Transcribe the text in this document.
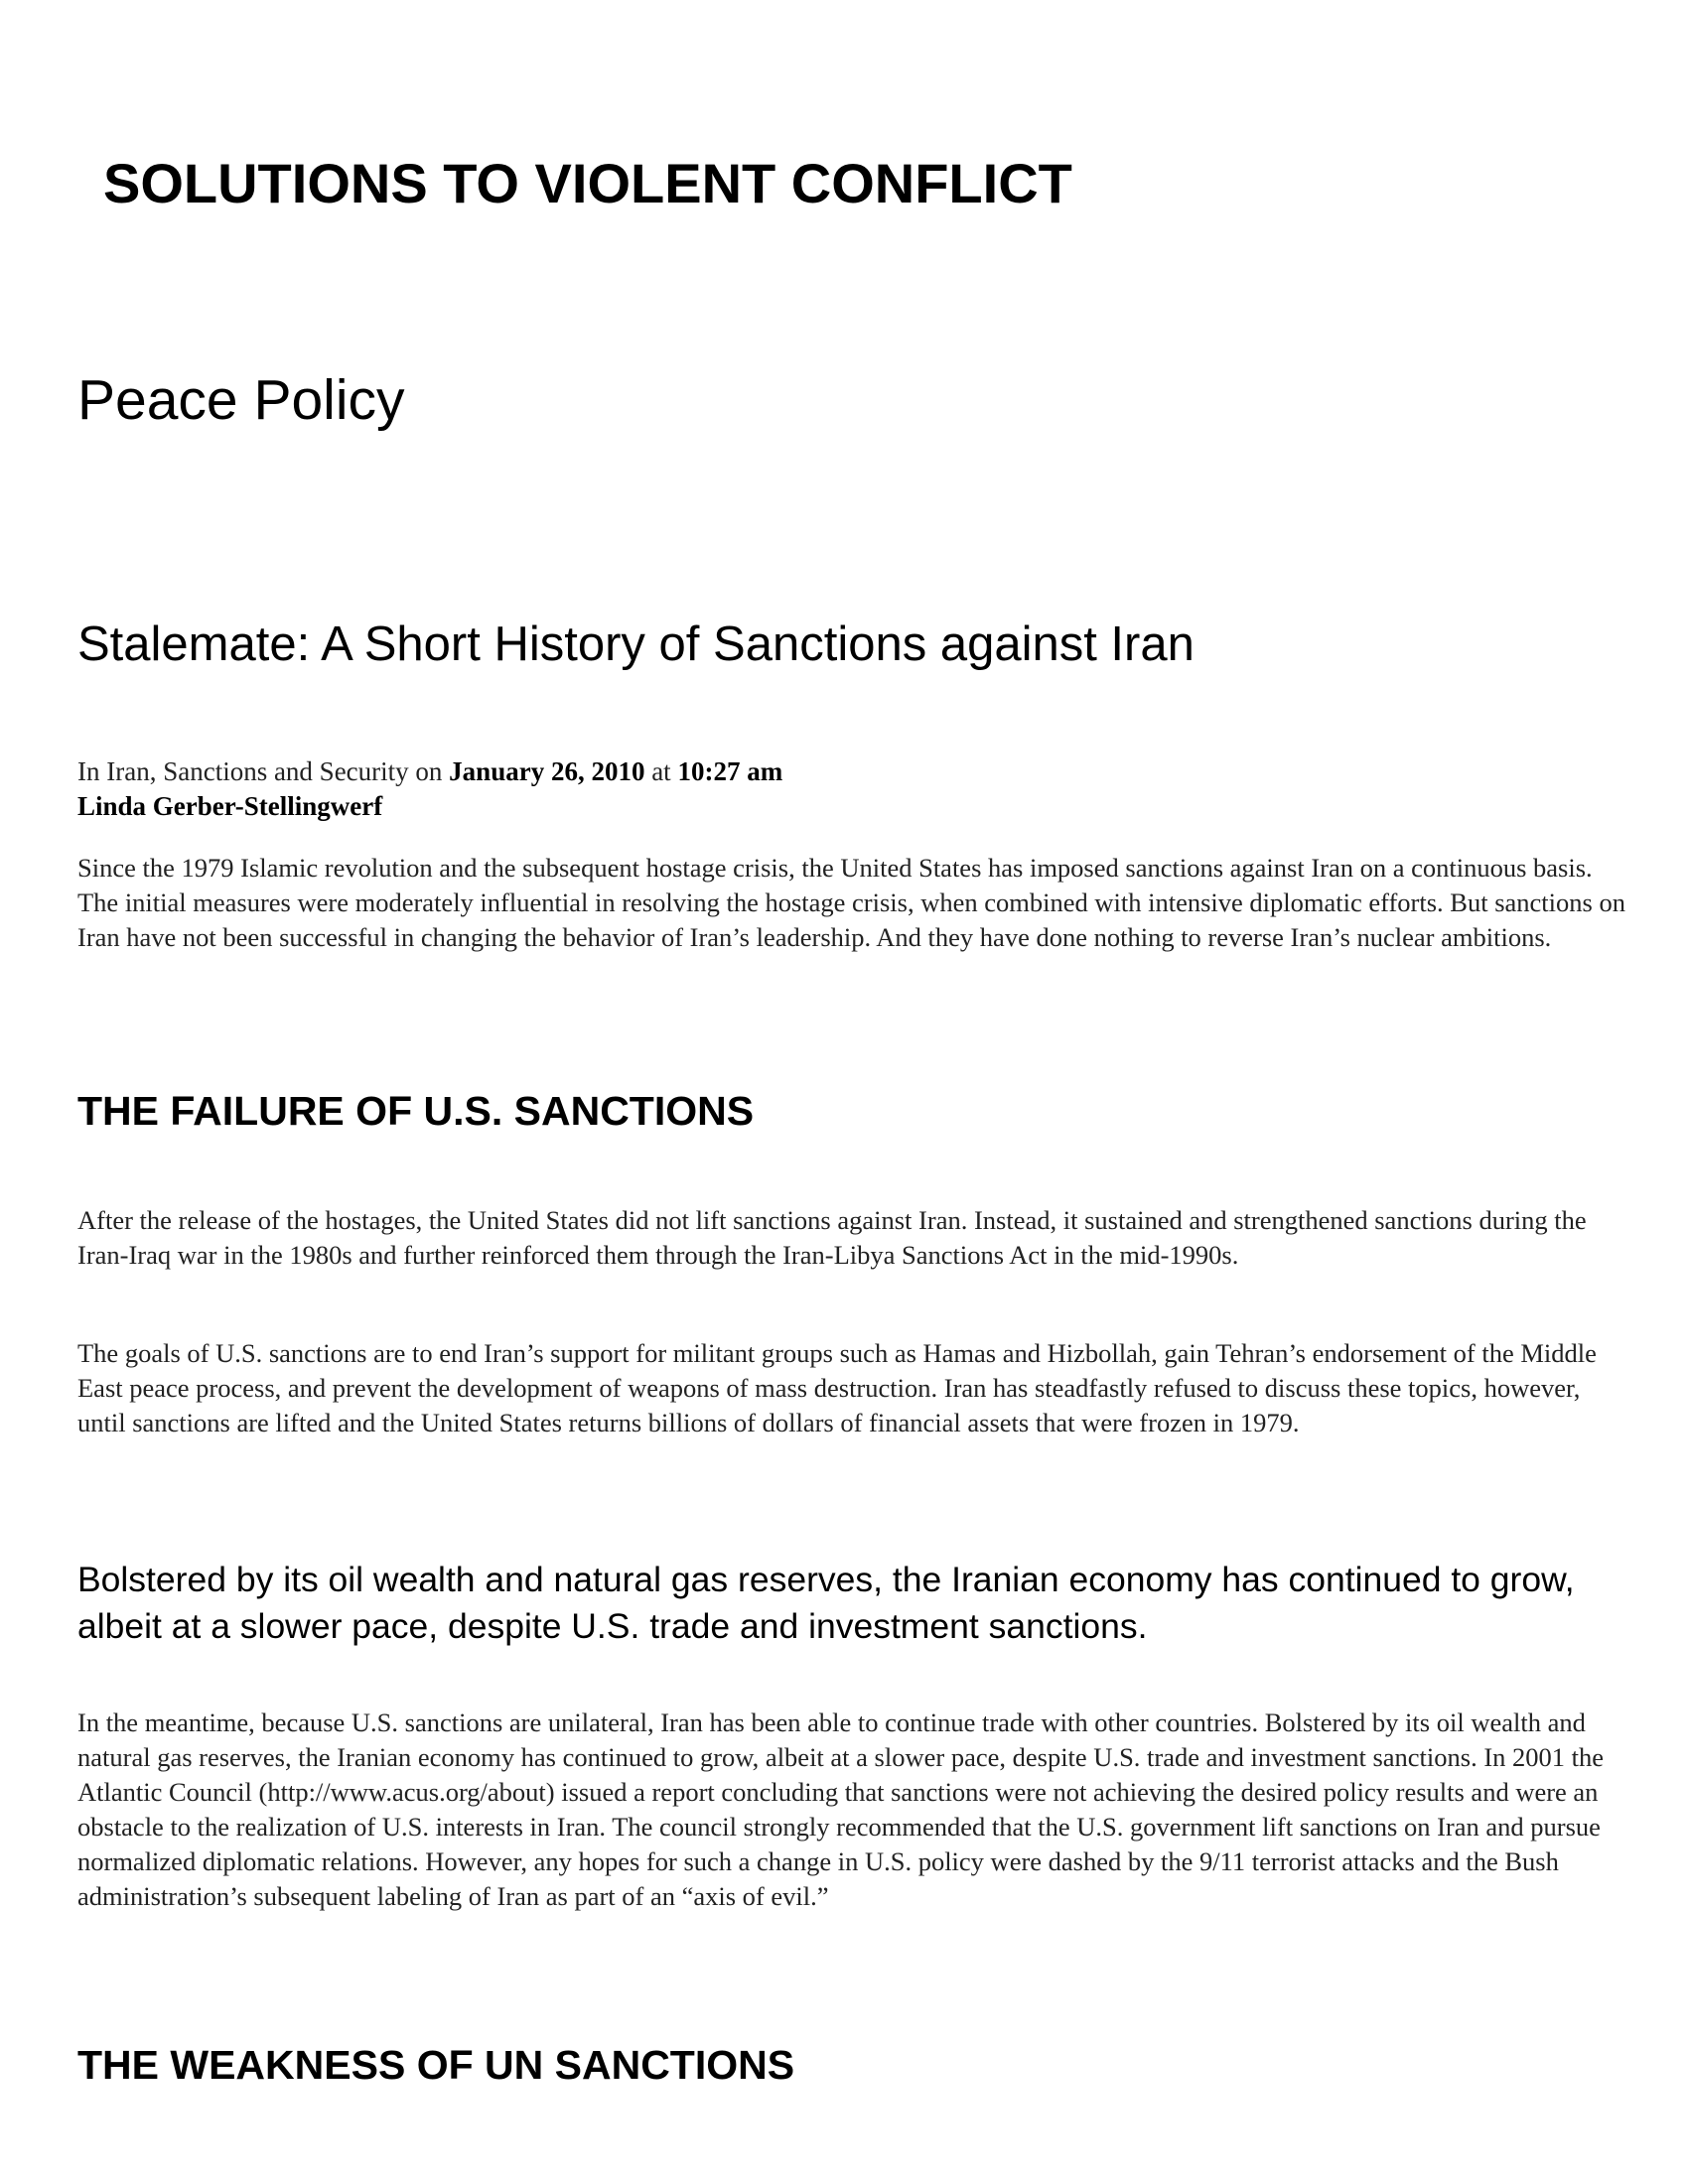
SOLUTIONS TO VIOLENT CONFLICT
Peace Policy
Stalemate: A Short History of Sanctions against Iran

In Iran, Sanctions and Security on January 26, 2010 at 10:27 am
Linda Gerber-Stellingwerf

Since the 1979 Islamic revolution and the subsequent hostage crisis, the United States has imposed sanctions against Iran on a continuous basis. The initial measures were moderately influential in resolving the hostage crisis, when combined with intensive diplomatic efforts. But sanctions on Iran have not been successful in changing the behavior of Iran’s leadership. And they have done nothing to reverse Iran’s nuclear ambitions.

THE FAILURE OF U.S. SANCTIONS

After the release of the hostages, the United States did not lift sanctions against Iran. Instead, it sustained and strengthened sanctions during the Iran-Iraq war in the 1980s and further reinforced them through the Iran-Libya Sanctions Act in the mid-1990s.

The goals of U.S. sanctions are to end Iran’s support for militant groups such as Hamas and Hizbollah, gain Tehran’s endorsement of the Middle East peace process, and prevent the development of weapons of mass destruction. Iran has steadfastly refused to discuss these topics, however, until sanctions are lifted and the United States returns billions of dollars of financial assets that were frozen in 1979.

Bolstered by its oil wealth and natural gas reserves, the Iranian economy has continued to grow, albeit at a slower pace, despite U.S. trade and investment sanctions.

In the meantime, because U.S. sanctions are unilateral, Iran has been able to continue trade with other countries. Bolstered by its oil wealth and natural gas reserves, the Iranian economy has continued to grow, albeit at a slower pace, despite U.S. trade and investment sanctions. In 2001 the Atlantic Council (http://www.acus.org/about) issued a report concluding that sanctions were not achieving the desired policy results and were an obstacle to the realization of U.S. interests in Iran. The council strongly recommended that the U.S. government lift sanctions on Iran and pursue normalized diplomatic relations. However, any hopes for such a change in U.S. policy were dashed by the 9/11 terrorist attacks and the Bush administration’s subsequent labeling of Iran as part of an “axis of evil.”

THE WEAKNESS OF UN SANCTIONS
